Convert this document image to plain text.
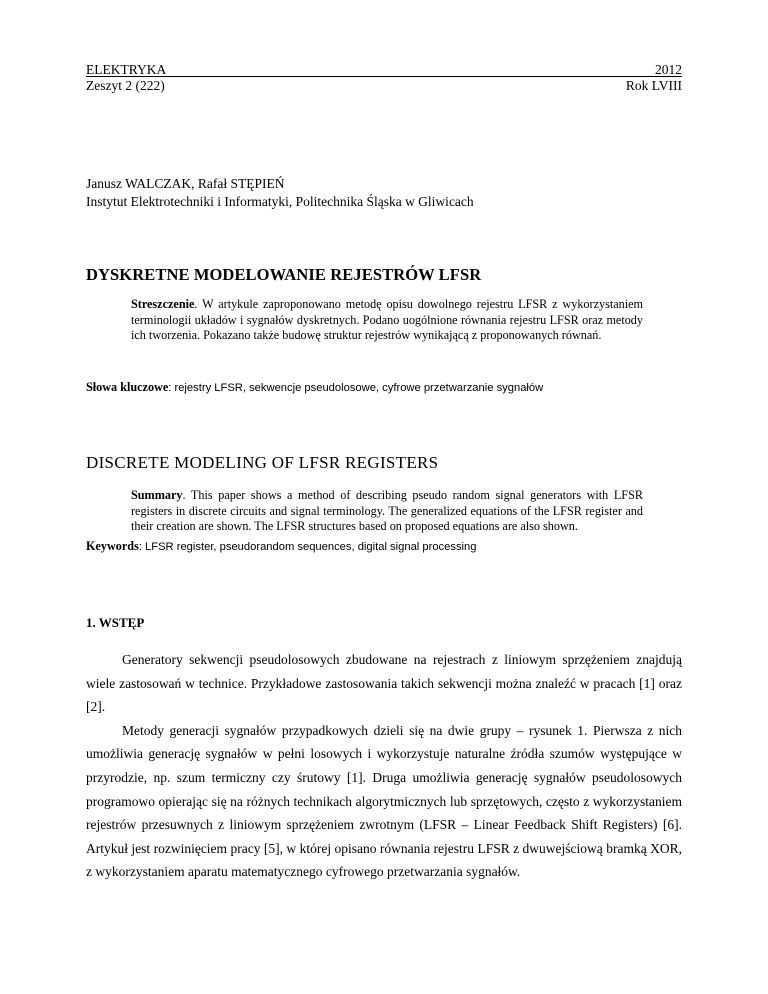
ELEKTRYKA
Zeszyt 2 (222)
2012
Rok LVIII
Janusz WALCZAK, Rafał STĘPIEŃ
Instytut Elektrotechniki i Informatyki, Politechnika Śląska w Gliwicach
DYSKRETNE MODELOWANIE REJESTRÓW LFSR
Streszczenie. W artykule zaproponowano metodę opisu dowolnego rejestru LFSR z wykorzystaniem terminologii układów i sygnałów dyskretnych. Podano uogólnione równania rejestru LFSR oraz metody ich tworzenia. Pokazano także budowę struktur rejestrów wynikającą z proponowanych równań.
Słowa kluczowe: rejestry LFSR, sekwencje pseudolosowe, cyfrowe przetwarzanie sygnałów
DISCRETE MODELING OF LFSR REGISTERS
Summary. This paper shows a method of describing pseudo random signal generators with LFSR registers in discrete circuits and signal terminology. The generalized equations of the LFSR register and their creation are shown. The LFSR structures based on proposed equations are also shown.
Keywords: LFSR register, pseudorandom sequences, digital signal processing
1. WSTĘP

Generatory sekwencji pseudolosowych zbudowane na rejestrach z liniowym sprzężeniem znajdują wiele zastosowań w technice. Przykładowe zastosowania takich sekwencji można znaleźć w pracach [1] oraz [2].

Metody generacji sygnałów przypadkowych dzieli się na dwie grupy – rysunek 1. Pierwsza z nich umożliwia generację sygnałów w pełni losowych i wykorzystuje naturalne źródła szumów występujące w przyrodzie, np. szum termiczny czy śrutowy [1]. Druga umożliwia generację sygnałów pseudolosowych programowo opierając się na różnych technikach algorytmicznych lub sprzętowych, często z wykorzystaniem rejestrów przesuwnych z liniowym sprzężeniem zwrotnym (LFSR – Linear Feedback Shift Registers) [6]. Artykuł jest rozwinięciem pracy [5], w której opisano równania rejestru LFSR z dwuwejściową bramką XOR, z wykorzystaniem aparatu matematycznego cyfrowego przetwarzania sygnałów.
